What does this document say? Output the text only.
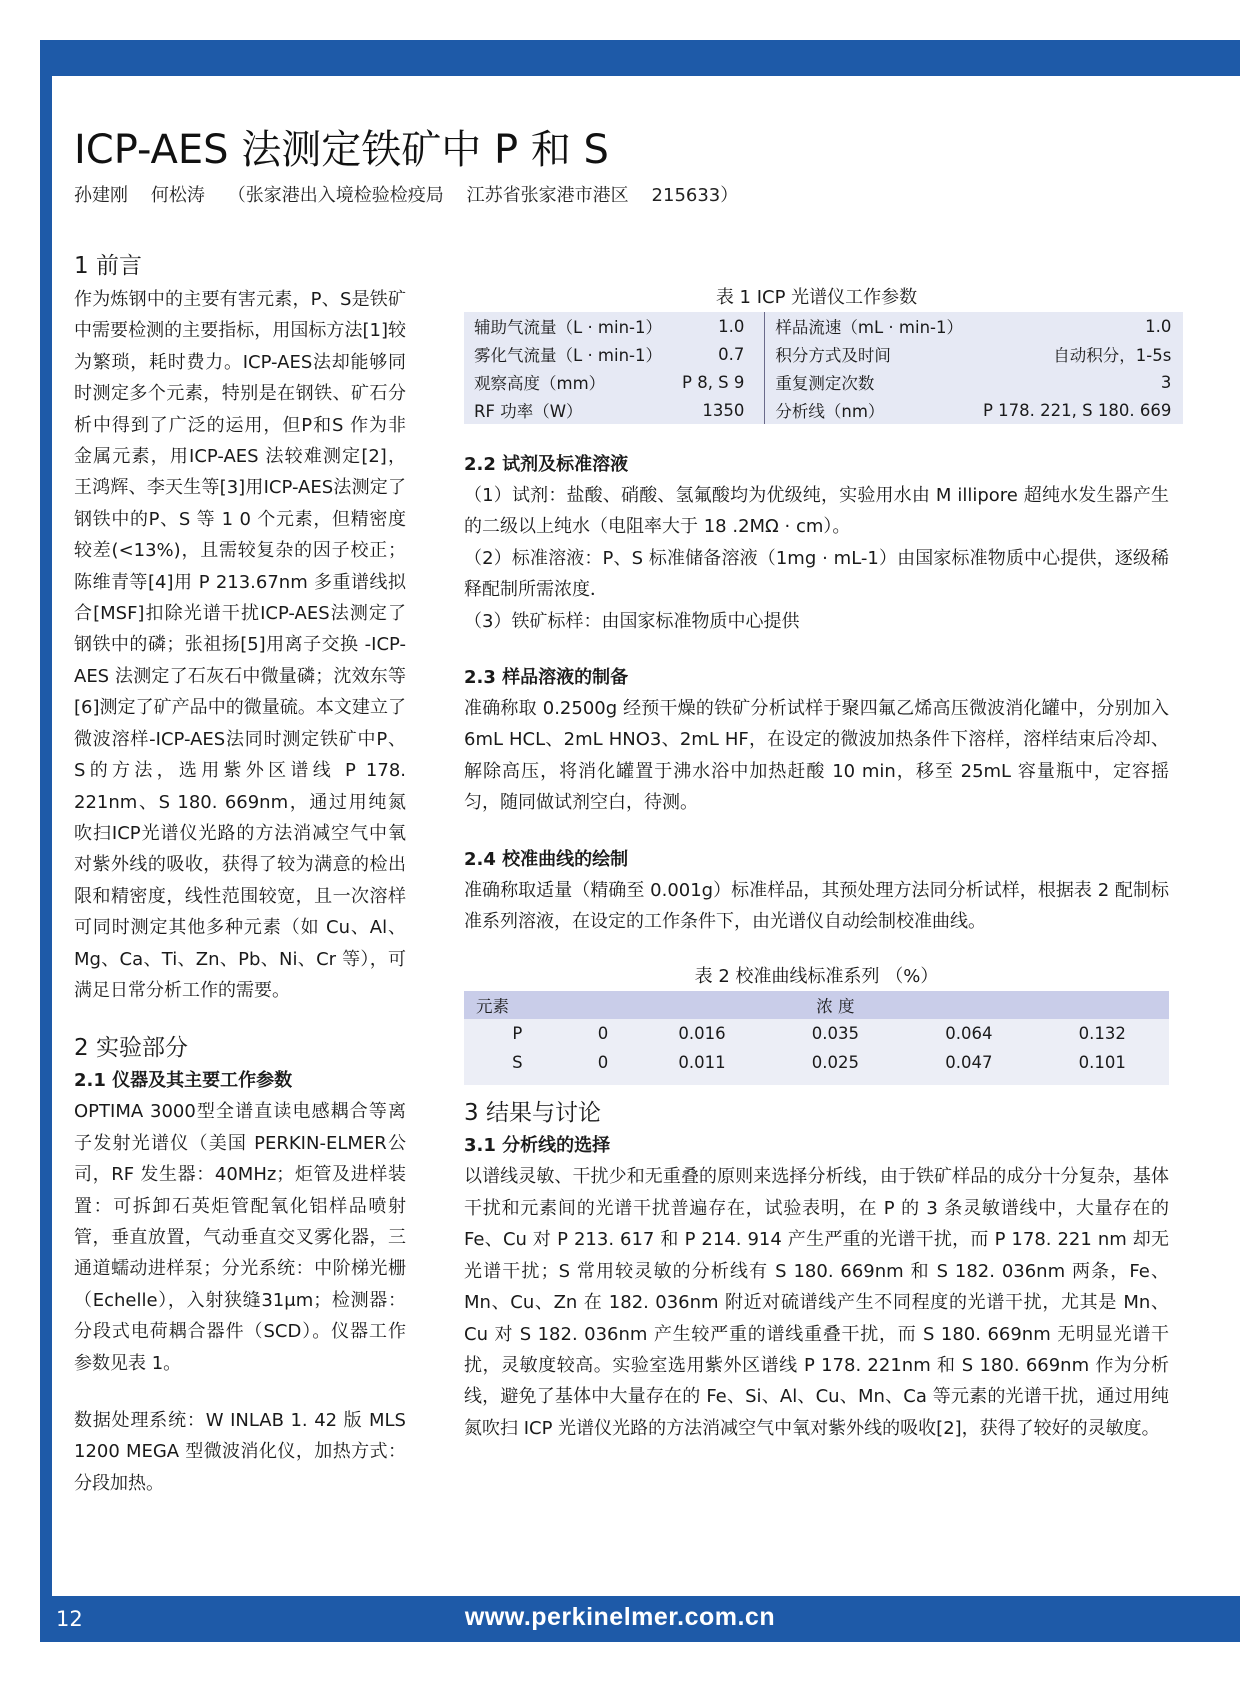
12	www.perkinelmer.com.cn
ICP-AES 法测定铁矿中 P 和 S
孙建刚    何松涛    （张家港出入境检验检疫局    江苏省张家港市港区    215633）
1 前言

作为炼钢中的主要有害元素，P、S是铁矿中需要检测的主要指标，用国标方法[1]较为繁琐，耗时费力。ICP-AES法却能够同时测定多个元素，特别是在钢铁、矿石分析中得到了广泛的运用，但P和S 作为非金属元素，用ICP-AES 法较难测定[2]，王鸿辉、李天生等[3]用ICP-AES法测定了钢铁中的P、S 等 1 0 个元素，但精密度较差(<13%)，且需较复杂的因子校正；陈维青等[4]用 P 213.67nm 多重谱线拟合[MSF]扣除光谱干扰ICP-AES法测定了钢铁中的磷；张祖扬[5]用离子交换 -ICP-AES 法测定了石灰石中微量磷；沈效东等[6]测定了矿产品中的微量硫。本文建立了微波溶样-ICP-AES法同时测定铁矿中P、S的方法，选用紫外区谱线 P 178. 221nm、S 180. 669nm，通过用纯氮吹扫ICP光谱仪光路的方法消减空气中氧对紫外线的吸收，获得了较为满意的检出限和精密度，线性范围较宽，且一次溶样可同时测定其他多种元素（如 Cu、Al、Mg、Ca、Ti、Zn、Pb、Ni、Cr 等），可满足日常分析工作的需要。

2 实验部分
2.1 仪器及其主要工作参数

OPTIMA 3000型全谱直读电感耦合等离子发射光谱仪（美国 PERKIN-ELMER公司，RF 发生器：40MHz；炬管及进样装置：可拆卸石英炬管配氧化铝样品喷射管，垂直放置，气动垂直交叉雾化器，三通道蠕动进样泵；分光系统：中阶梯光栅（Echelle），入射狭缝31μm；检测器：分段式电荷耦合器件（SCD）。仪器工作参数见表 1。

数据处理系统：W INLAB 1. 42 版 MLS 1200 MEGA 型微波消化仪，加热方式：分段加热。

表 1 ICP 光谱仪工作参数
辅助气流量（L · min-1）	1.0	样品流速（mL · min-1）	1.0
雾化气流量（L · min-1）	0.7	积分方式及时间	自动积分，1-5s
观察高度（mm）	P 8, S 9	重复测定次数	3
RF 功率（W）	1350	分析线（nm）	P 178. 221, S 180. 669
2.2 试剂及标准溶液

（1）试剂：盐酸、硝酸、氢氟酸均为优级纯，实验用水由 M illipore 超纯水发生器产生的二级以上纯水（电阻率大于 18 .2MΩ · cm）。

（2）标准溶液：P、S 标准储备溶液（1mg · mL-1）由国家标准物质中心提供，逐级稀释配制所需浓度．

（3）铁矿标样：由国家标准物质中心提供

2.3 样品溶液的制备

准确称取 0.2500g 经预干燥的铁矿分析试样于聚四氟乙烯高压微波消化罐中，分别加入 6mL HCL、2mL HNO3、2mL HF，在设定的微波加热条件下溶样，溶样结束后冷却、解除高压，将消化罐置于沸水浴中加热赶酸 10 min，移至 25mL 容量瓶中，定容摇匀，随同做试剂空白，待测。

2.4 校准曲线的绘制

准确称取适量（精确至 0.001g）标准样品，其预处理方法同分析试样，根据表 2 配制标准系列溶液，在设定的工作条件下，由光谱仪自动绘制校准曲线。

表 2 校准曲线标准系列 （%）
元素			浓 度		
P	0	0.016	0.035	0.064	0.132
S	0	0.011	0.025	0.047	0.101
3 结果与讨论
3.1 分析线的选择

以谱线灵敏、干扰少和无重叠的原则来选择分析线，由于铁矿样品的成分十分复杂，基体干扰和元素间的光谱干扰普遍存在，试验表明，在 P 的 3 条灵敏谱线中，大量存在的 Fe、Cu 对 P 213. 617 和 P 214. 914 产生严重的光谱干扰，而 P 178. 221 nm 却无光谱干扰；S 常用较灵敏的分析线有 S 180. 669nm 和 S 182. 036nm 两条，Fe、Mn、Cu、Zn 在 182. 036nm 附近对硫谱线产生不同程度的光谱干扰，尤其是 Mn、Cu 对 S 182. 036nm 产生较严重的谱线重叠干扰，而 S 180. 669nm 无明显光谱干扰，灵敏度较高。实验室选用紫外区谱线 P 178. 221nm 和 S 180. 669nm 作为分析线，避免了基体中大量存在的 Fe、Si、Al、Cu、Mn、Ca 等元素的光谱干扰，通过用纯氮吹扫 ICP 光谱仪光路的方法消减空气中氧对紫外线的吸收[2]，获得了较好的灵敏度。
